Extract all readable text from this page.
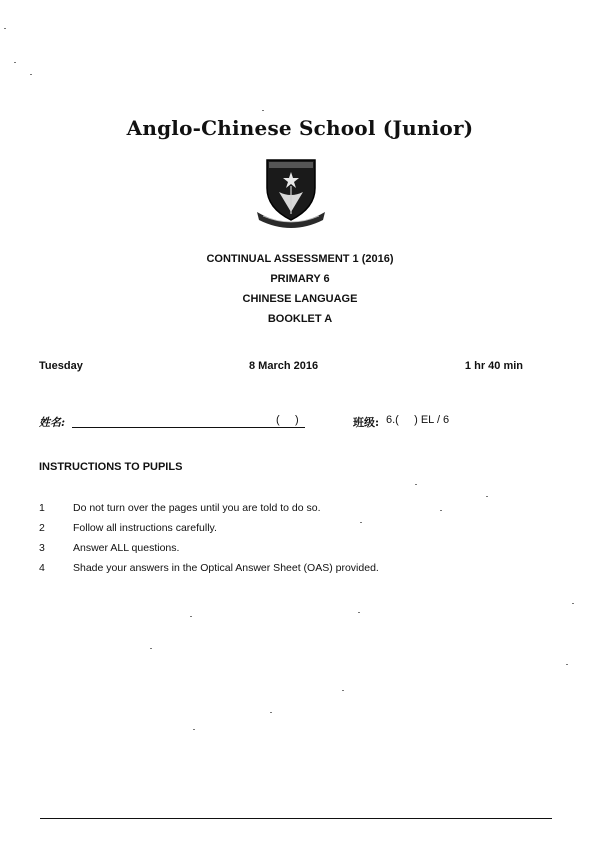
Anglo-Chinese School (Junior)
CONTINUAL ASSESSMENT 1 (2016)
PRIMARY 6
CHINESE LANGUAGE
BOOKLET A
Tuesday	8 March 2016	1 hr 40 min
姓名:	(     )	班级: 6.(     ) EL / 6
INSTRUCTIONS TO PUPILS
1	Do not turn over the pages until you are told to do so.
2	Follow all instructions carefully.
3	Answer ALL questions.
4	Shade your answers in the Optical Answer Sheet (OAS) provided.
